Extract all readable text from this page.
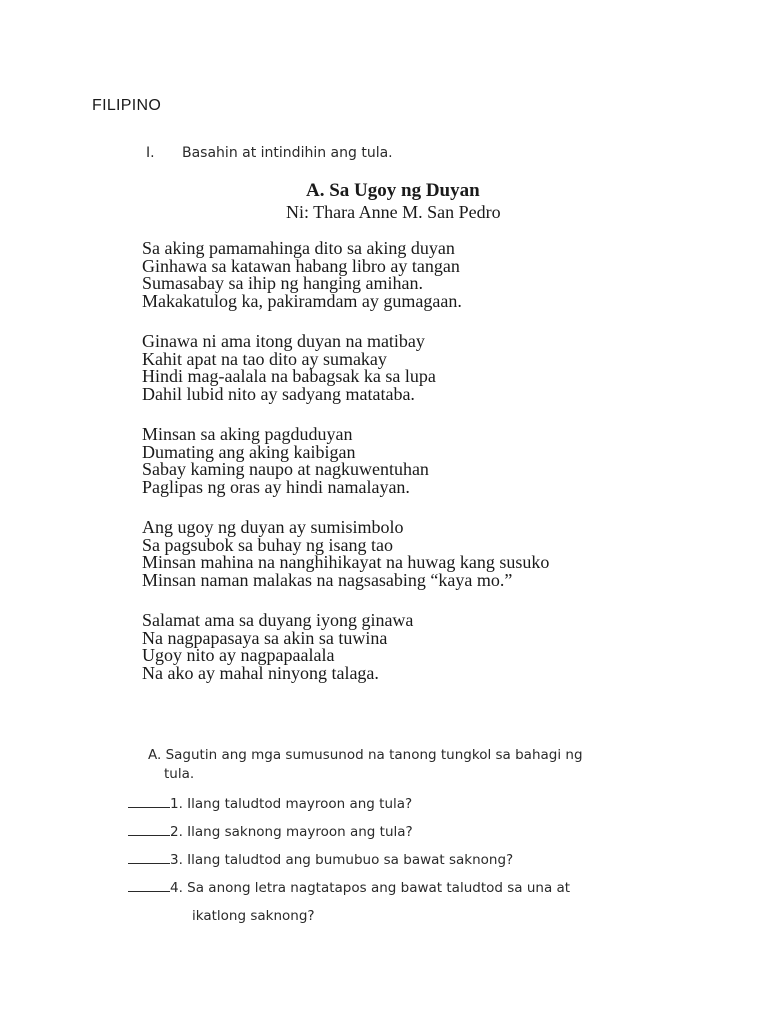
FILIPINO
I. Basahin at intindihin ang tula.
A. Sa Ugoy ng Duyan
Ni: Thara Anne M. San Pedro
Sa aking pamamahinga dito sa aking duyan
Ginhawa sa katawan habang libro ay tangan
Sumasabay sa ihip ng hanging amihan.
Makakatulog ka, pakiramdam ay gumagaan.
Ginawa ni ama itong duyan na matibay
Kahit apat na tao dito ay sumakay
Hindi mag-aalala na babagsak ka sa lupa
Dahil lubid nito ay sadyang matataba.
Minsan sa aking pagduduyan
Dumating ang aking kaibigan
Sabay kaming naupo at nagkuwentuhan
Paglipas ng oras ay hindi namalayan.
Ang ugoy ng duyan ay sumisimbolo
Sa pagsubok sa buhay ng isang tao
Minsan mahina na nanghihikayat na huwag kang susuko
Minsan naman malakas na nagsasabing “kaya mo.”
Salamat ama sa duyang iyong ginawa
Na nagpapasaya sa akin sa tuwina
Ugoy nito ay nagpapaalala
Na ako ay mahal ninyong talaga.
A. Sagutin ang mga sumusunod na tanong tungkol sa bahagi ng
tula.
1. Ilang taludtod mayroon ang tula?
2. Ilang saknong mayroon ang tula?
3. Ilang taludtod ang bumubuo sa bawat saknong?
4. Sa anong letra nagtatapos ang bawat taludtod sa una at
ikatlong saknong?
